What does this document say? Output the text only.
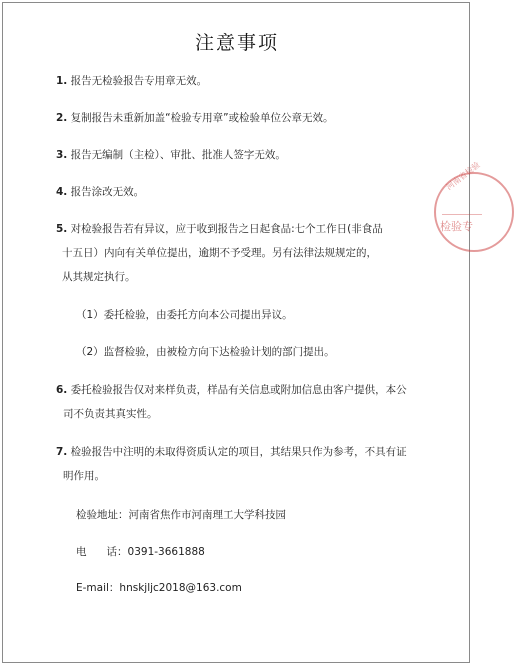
注意事项
1. 报告无检验报告专用章无效。
2. 复制报告未重新加盖“检验专用章”或检验单位公章无效。
3. 报告无编制（主检）、审批、批准人签字无效。
4. 报告涂改无效。
5. 对检验报告若有异议，应于收到报告之日起食品:七个工作日(非食品
十五日）内向有关单位提出，逾期不予受理。另有法律法规规定的，
从其规定执行。
（1）委托检验，由委托方向本公司提出异议。
（2）监督检验，由被检方向下达检验计划的部门提出。
6. 委托检验报告仅对来样负责，样品有关信息或附加信息由客户提供，本公
司不负责其真实性。
7. 检验报告中注明的未取得资质认定的项目，其结果只作为参考，不具有证
明作用。
检验地址：河南省焦作市河南理工大学科技园
电      话：0391-3661888
E-mail：hnskjljc2018@163.com
河南省检验
检验专
